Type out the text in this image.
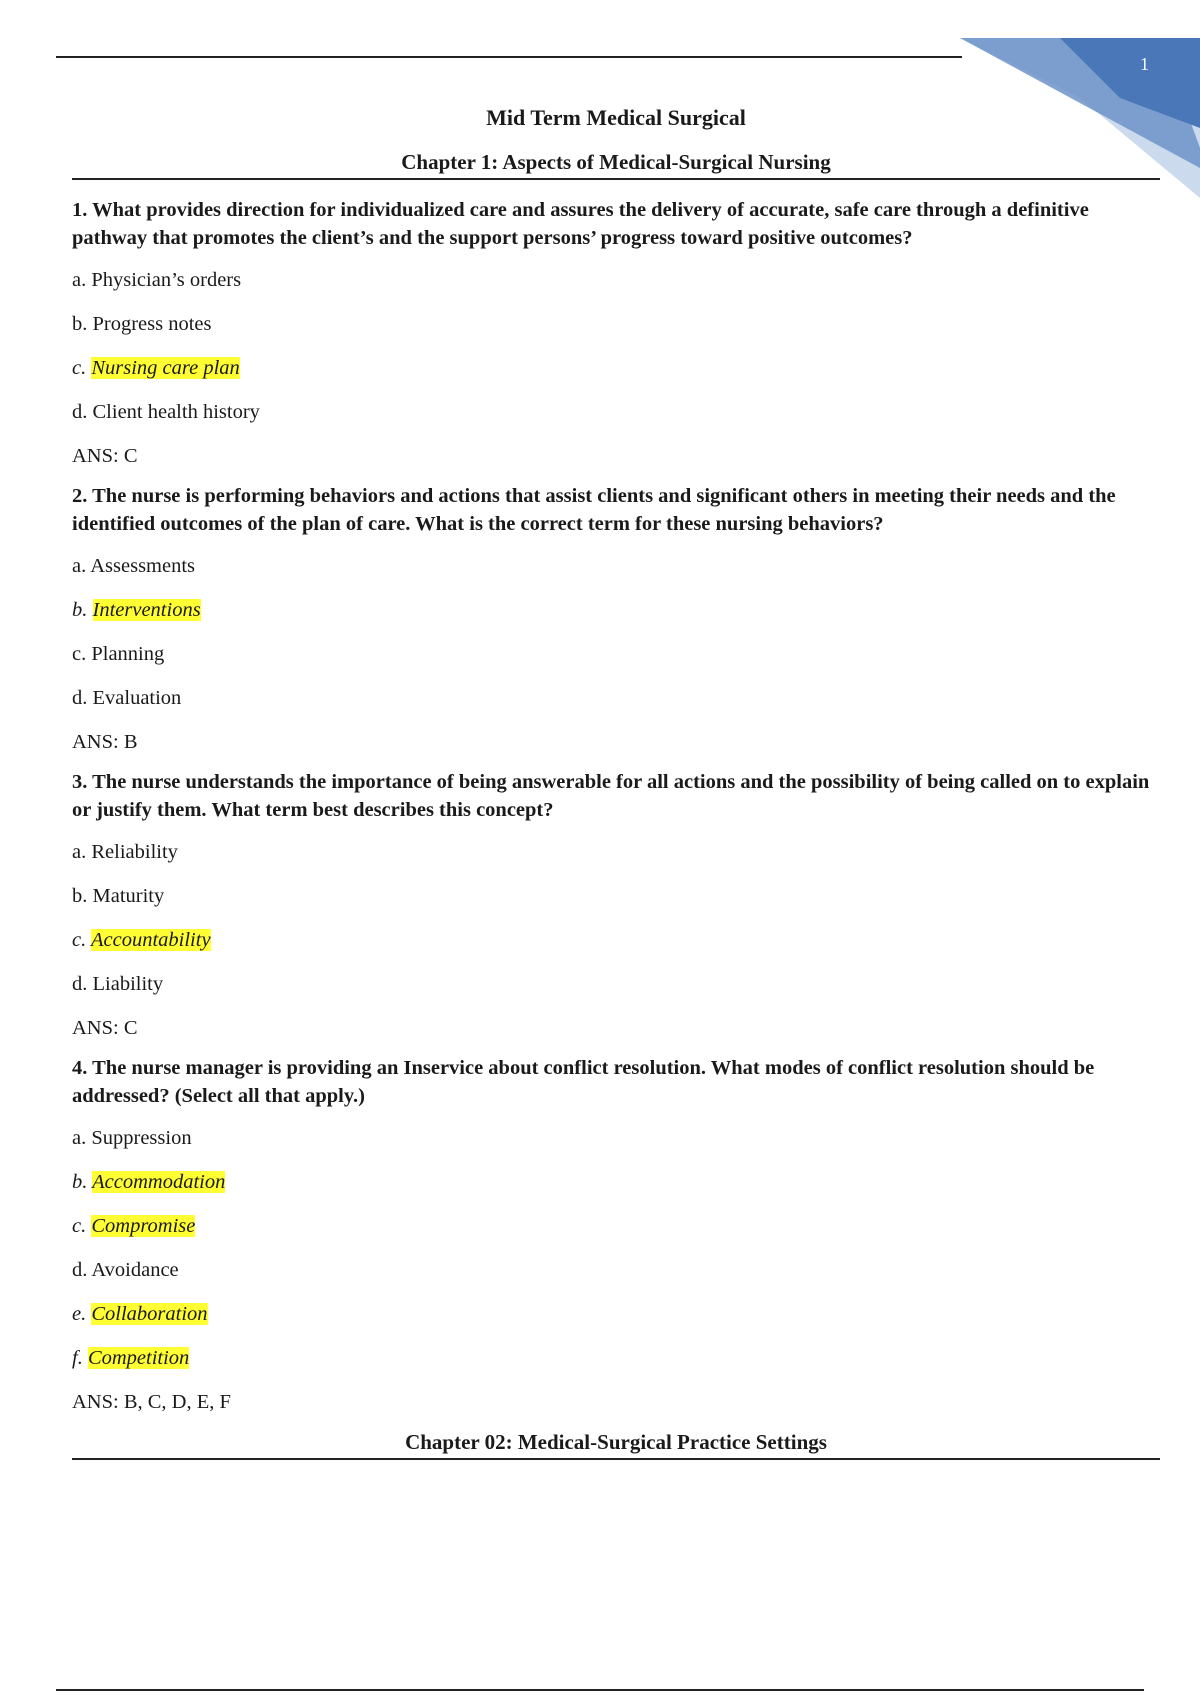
1
Mid Term Medical Surgical
Chapter 1: Aspects of Medical-Surgical Nursing
1. What provides direction for individualized care and assures the delivery of accurate, safe care through a definitive pathway that promotes the client’s and the support persons’ progress toward positive outcomes?
a. Physician’s orders
b. Progress notes
c. Nursing care plan
d. Client health history
ANS: C
2. The nurse is performing behaviors and actions that assist clients and significant others in meeting their needs and the identified outcomes of the plan of care. What is the correct term for these nursing behaviors?
a. Assessments
b. Interventions
c. Planning
d. Evaluation
ANS: B
3. The nurse understands the importance of being answerable for all actions and the possibility of being called on to explain or justify them. What term best describes this concept?
a. Reliability
b. Maturity
c. Accountability
d. Liability
ANS: C
4. The nurse manager is providing an Inservice about conflict resolution. What modes of conflict resolution should be addressed? (Select all that apply.)
a. Suppression
b. Accommodation
c. Compromise
d. Avoidance
e. Collaboration
f. Competition
ANS: B, C, D, E, F
Chapter 02: Medical-Surgical Practice Settings
